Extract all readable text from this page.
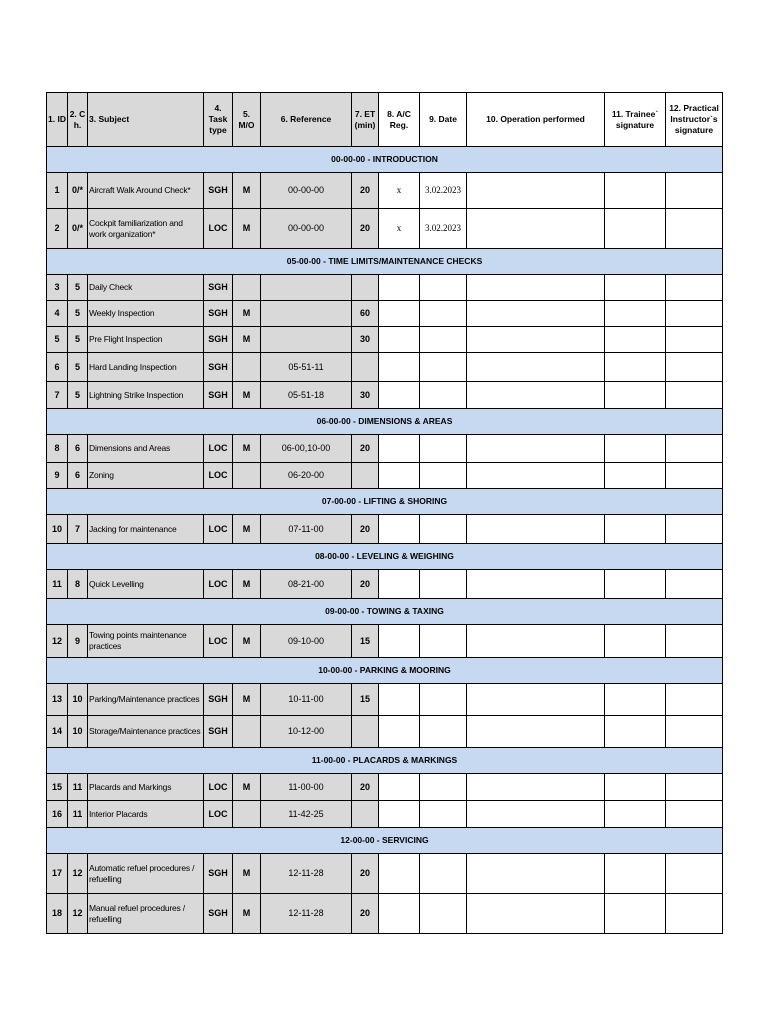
1. ID	2. C h.	3. Subject	4. Task type	5. M/O	6. Reference	7. ET (min)	8. A/C Reg.	9. Date	10. Operation performed	11. Trainee` signature	12. Practical Instructor`s signature
00-00-00 - INTRODUCTION											
1	0/*	Aircraft Walk Around Check*	SGH	M	00-00-00	20	x	3.02.2023			
2	0/*	Cockpit familiarization and work organization*	LOC	M	00-00-00	20	x	3.02.2023			
05-00-00 - TIME LIMITS/MAINTENANCE CHECKS											
3	5	Daily Check	SGH								
4	5	Weekly Inspection	SGH	M		60					
5	5	Pre Flight Inspection	SGH	M		30					
6	5	Hard Landing Inspection	SGH		05-51-11						
7	5	Lightning Strike Inspection	SGH	M	05-51-18	30					
06-00-00 - DIMENSIONS & AREAS											
8	6	Dimensions and Areas	LOC	M	06-00,10-00	20					
9	6	Zoning	LOC		06-20-00						
07-00-00 - LIFTING & SHORING											
10	7	Jacking for maintenance	LOC	M	07-11-00	20					
08-00-00 - LEVELING & WEIGHING											
11	8	Quick Levelling	LOC	M	08-21-00	20					
09-00-00 - TOWING & TAXING											
12	9	Towing points maintenance practices	LOC	M	09-10-00	15					
10-00-00 - PARKING & MOORING											
13	10	Parking/Maintenance practices	SGH	M	10-11-00	15					
14	10	Storage/Maintenance practices	SGH		10-12-00						
11-00-00 - PLACARDS & MARKINGS											
15	11	Placards and Markings	LOC	M	11-00-00	20					
16	11	Interior Placards	LOC		11-42-25						
12-00-00 - SERVICING											
17	12	Automatic refuel procedures / refuelling	SGH	M	12-11-28	20					
18	12	Manual refuel procedures / refuelling	SGH	M	12-11-28	20					
